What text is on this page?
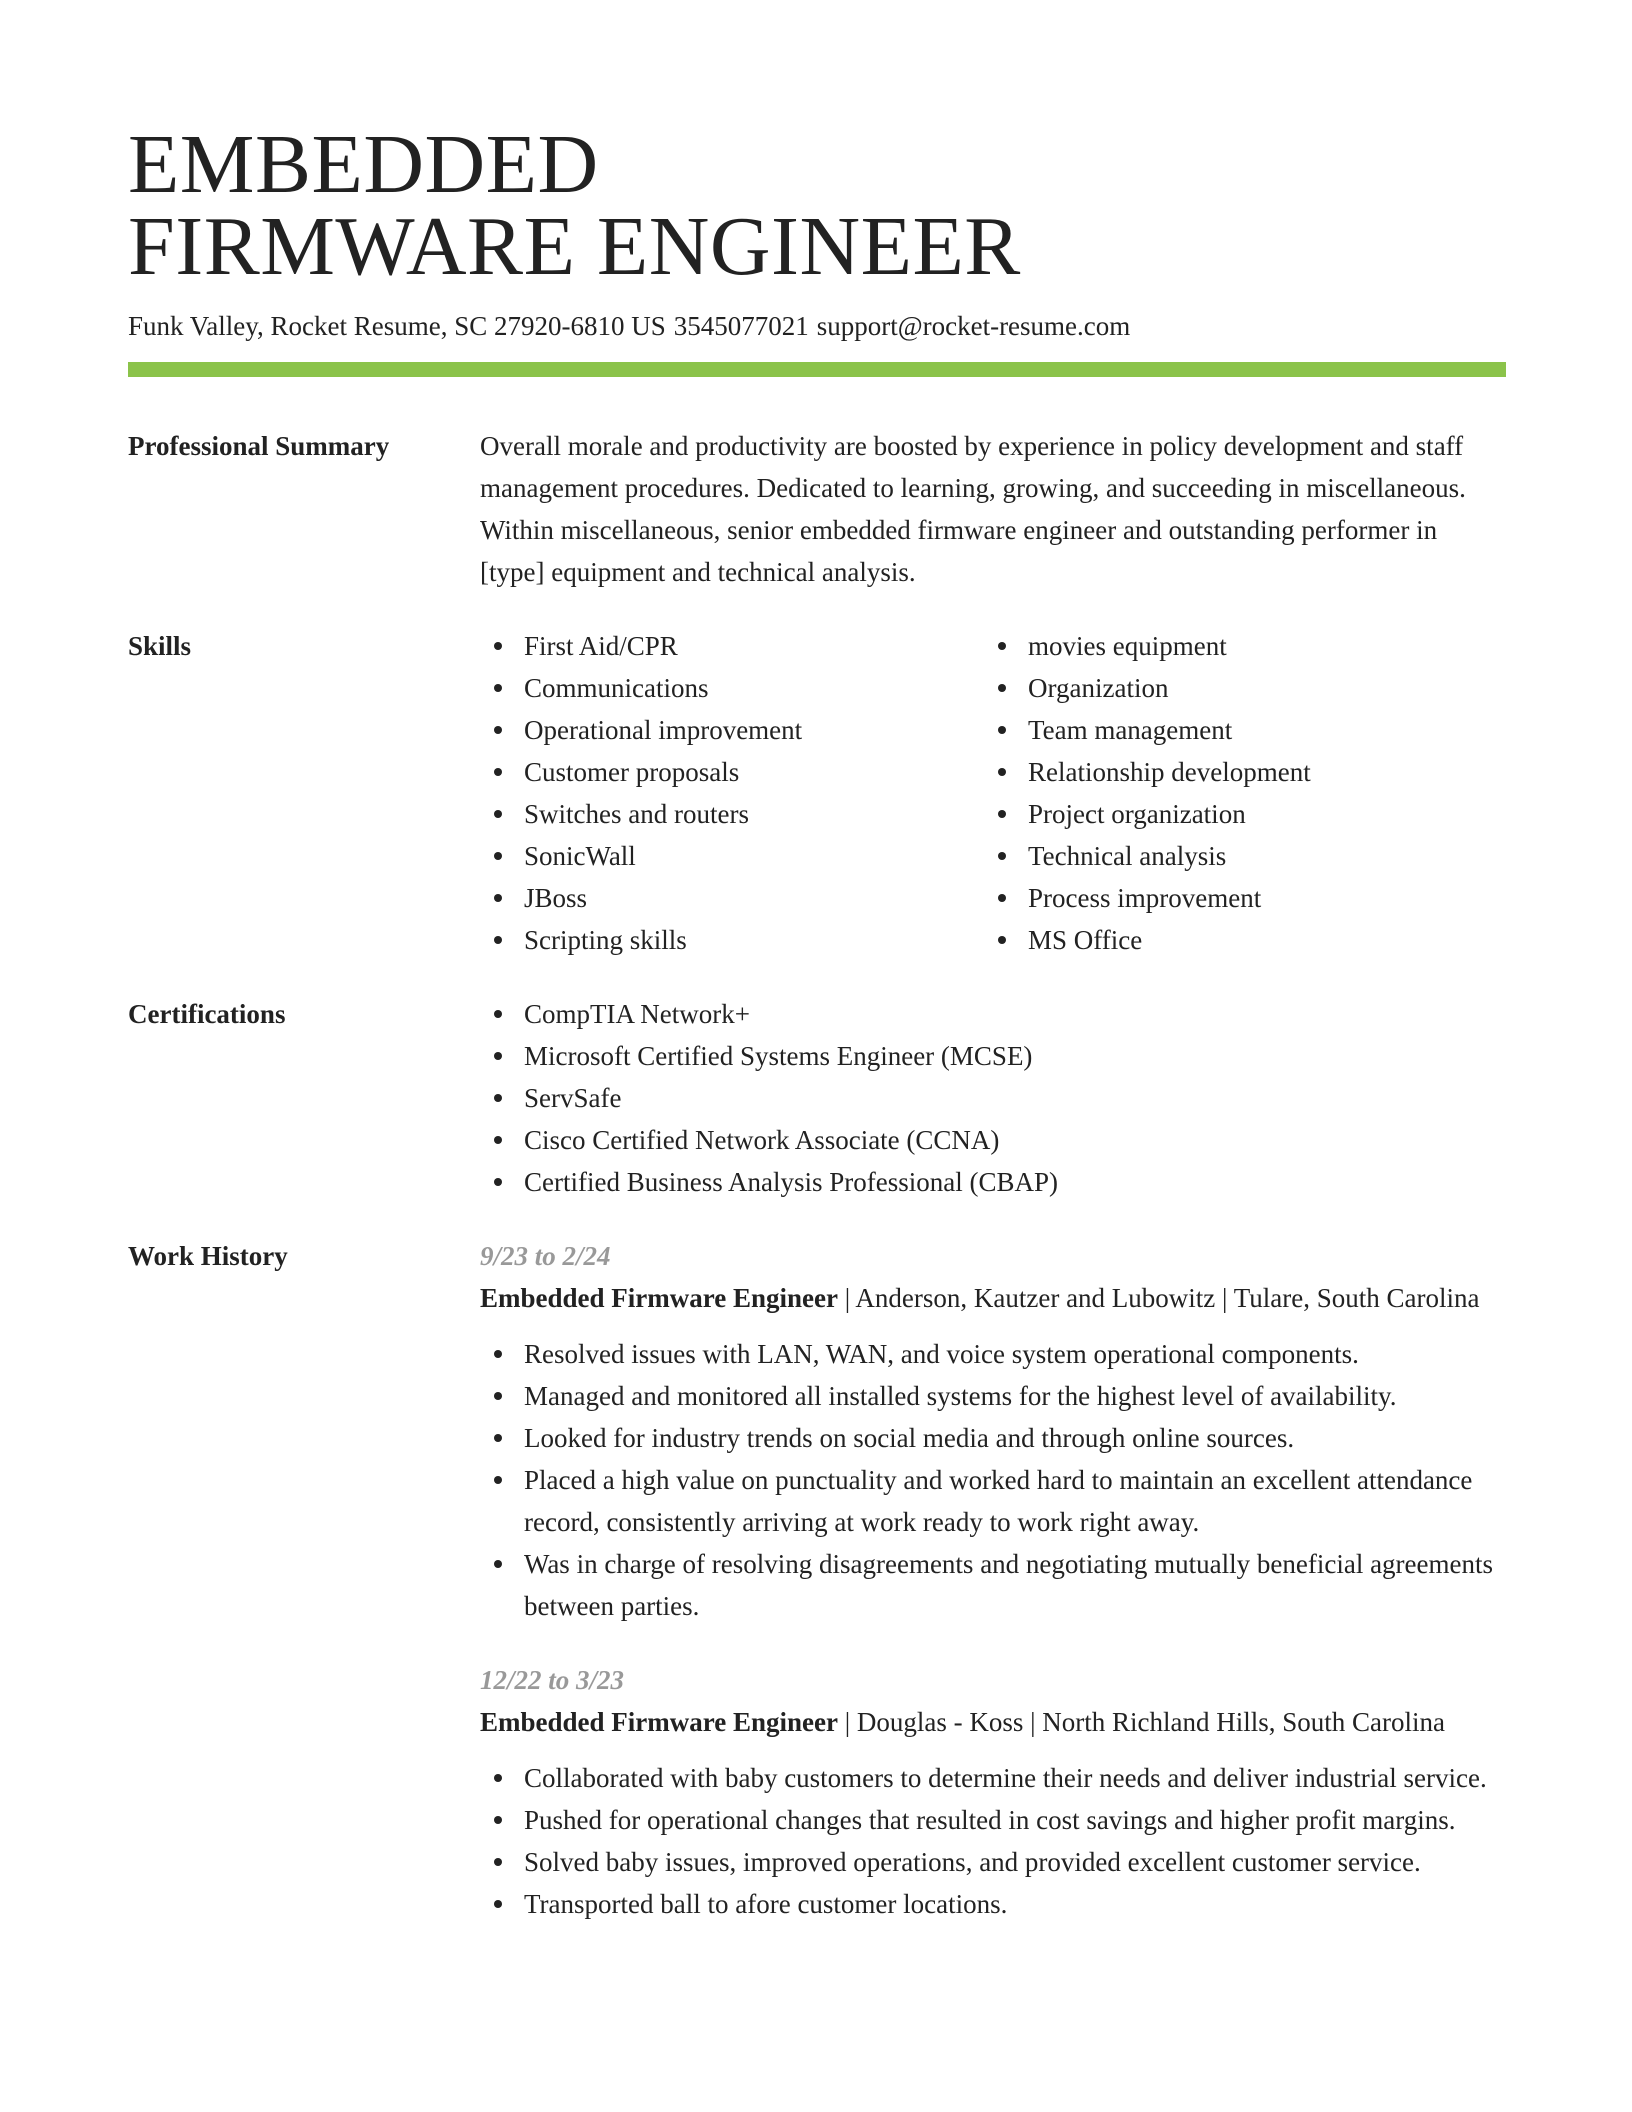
EMBEDDED
FIRMWARE ENGINEER
Funk Valley, Rocket Resume, SC 27920-6810 US 3545077021 support@rocket-resume.com
Professional Summary	Overall morale and productivity are boosted by experience in policy development and staff management procedures. Dedicated to learning, growing, and succeeding in miscellaneous. Within miscellaneous, senior embedded firmware engineer and outstanding performer in [type] equipment and technical analysis.
Skills	First Aid/CPR
Communications
Operational improvement
Customer proposals
Switches and routers
SonicWall
JBoss
Scripting skills
movies equipment
Organization
Team management
Relationship development
Project organization
Technical analysis
Process improvement
MS Office
Certifications	CompTIA Network+
Microsoft Certified Systems Engineer (MCSE)
ServSafe
Cisco Certified Network Associate (CCNA)
Certified Business Analysis Professional (CBAP)
Work History	9/23 to 2/24
Embedded Firmware Engineer | Anderson, Kautzer and Lubowitz | Tulare, South Carolina
Resolved issues with LAN, WAN, and voice system operational components.
Managed and monitored all installed systems for the highest level of availability.
Looked for industry trends on social media and through online sources.
Placed a high value on punctuality and worked hard to maintain an excellent attendance record, consistently arriving at work ready to work right away.
Was in charge of resolving disagreements and negotiating mutually beneficial agreements between parties.
12/22 to 3/23
Embedded Firmware Engineer | Douglas - Koss | North Richland Hills, South Carolina
Collaborated with baby customers to determine their needs and deliver industrial service.
Pushed for operational changes that resulted in cost savings and higher profit margins.
Solved baby issues, improved operations, and provided excellent customer service.
Transported ball to afore customer locations.
